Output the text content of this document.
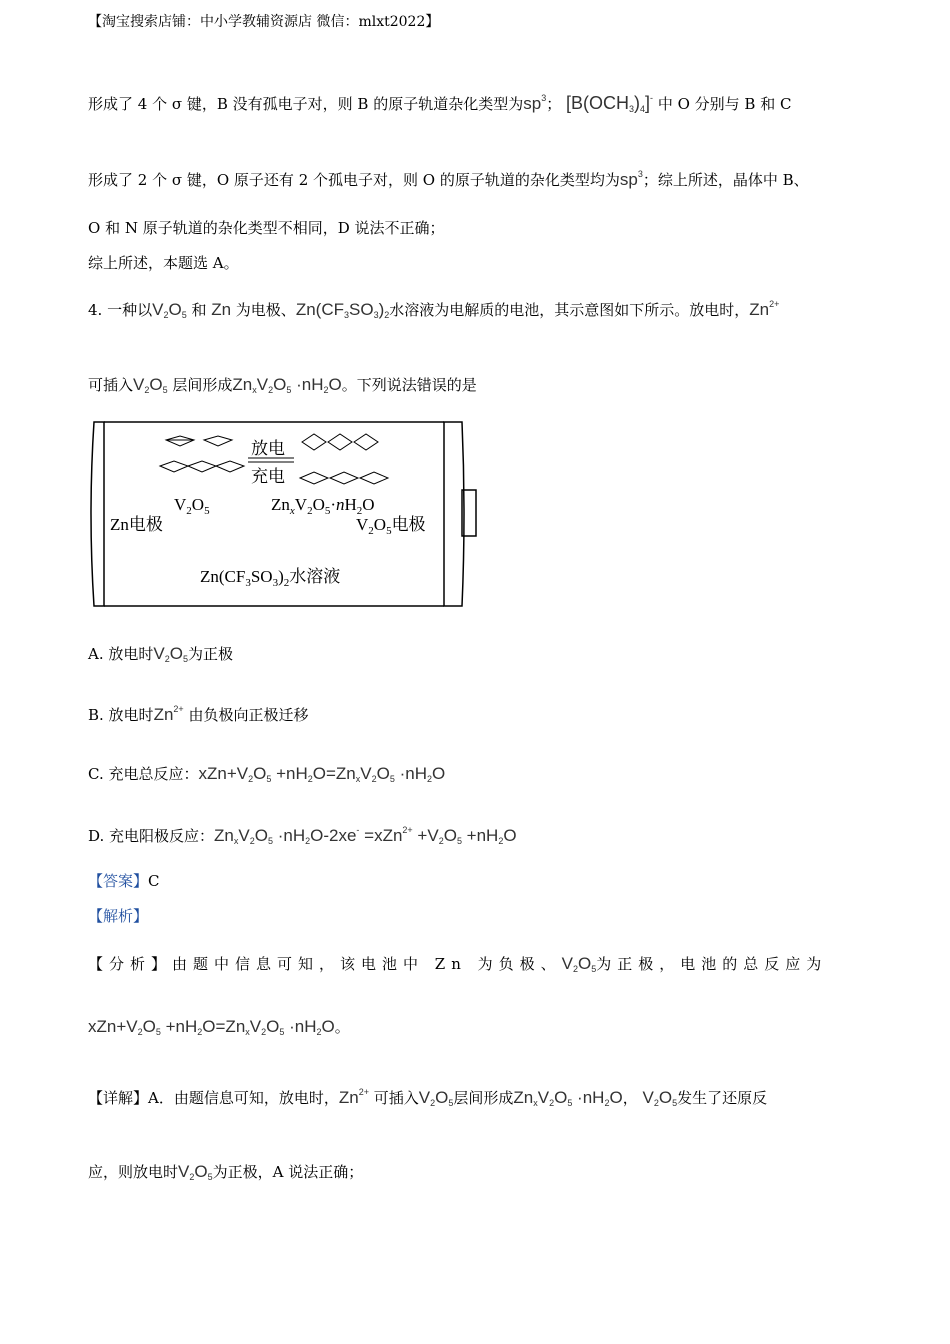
【淘宝搜索店铺：中小学教辅资源店 微信：mlxt2022】
形成了 4 个 σ 键，B 没有孤电子对，则 B 的原子轨道杂化类型为$sp^3$； $[B(OCH_3)_4]^-$ 中 O 分别与 B 和 C
形成了 2 个 σ 键，O 原子还有 2 个孤电子对，则 O 的原子轨道的杂化类型均为$sp^3$；综上所述，晶体中 B、
O 和 N 原子轨道的杂化类型不相同，D 说法不正确；
综上所述，本题选 A。
4. 一种以$V_2O_5$ 和 Zn 为电极、$Zn(CF_3SO_3)_2$水溶液为电解质的电池，其示意图如下所示。放电时，$Zn^{2+}$
可插入$V_2O_5$ 层间形成$Zn_xV_2O_5 \cdot nH_2O$。下列说法错误的是
放电
充电
$V_2O_5$	$Zn_xV_2O_5\cdot nH_2O$
Zn电极	$V_2O_5$电极
$Zn(CF_3SO_3)_2$水溶液
A. 放电时$V_2O_5$为正极
B. 放电时$Zn^{2+}$ 由负极向正极迁移
C. 充电总反应：$xZn+V_2O_5 +nH_2O=Zn_xV_2O_5 \cdot nH_2O$
D. 充电阳极反应：$Zn_xV_2O_5 \cdot nH_2O-2xe^- =xZn^{2+} +V_2O_5 +nH_2O$
【答案】C
【解析】
【分析】由题中信息可知，该电池中 Zn 为负极、$V_2O_5$为正极，电池的总反应为
$xZn+V_2O_5 +nH_2O=Zn_xV_2O_5 \cdot nH_2O$。
【详解】A．由题信息可知，放电时，$Zn^{2+}$ 可插入$V_2O_5$层间形成$Zn_xV_2O_5 \cdot nH_2O$， $V_2O_5$发生了还原反
应，则放电时$V_2O_5$为正极，A 说法正确；
